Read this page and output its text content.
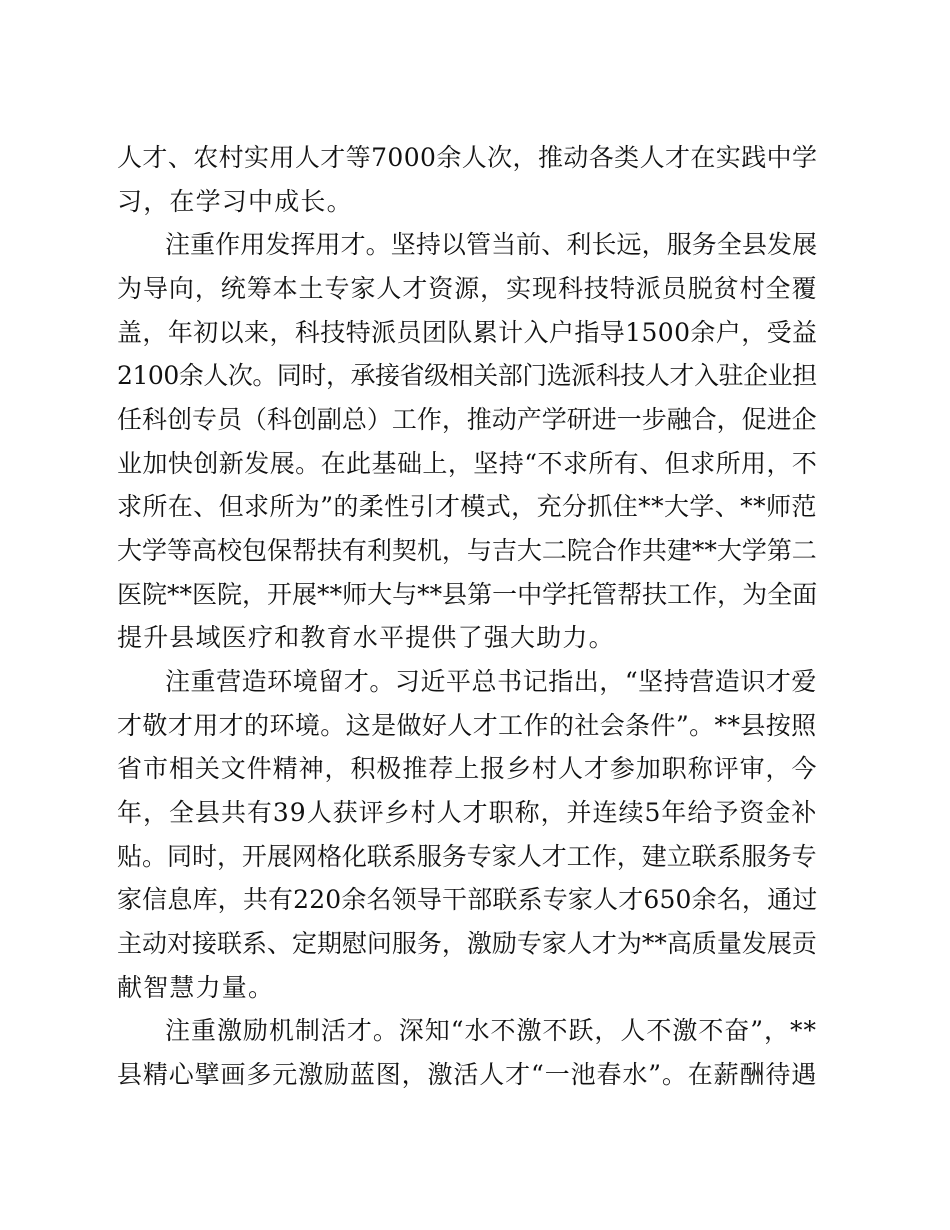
人才、农村实用人才等7000余人次，推动各类人才在实践中学
习，在学习中成长。
注重作用发挥用才。坚持以管当前、利长远，服务全县发展
为导向，统筹本土专家人才资源，实现科技特派员脱贫村全覆
盖，年初以来，科技特派员团队累计入户指导1500余户，受益
2100余人次。同时，承接省级相关部门选派科技人才入驻企业担
任科创专员（科创副总）工作，推动产学研进一步融合，促进企
业加快创新发展。在此基础上，坚持“不求所有、但求所用，不
求所在、但求所为”的柔性引才模式，充分抓住**大学、**师范
大学等高校包保帮扶有利契机，与吉大二院合作共建**大学第二
医院**医院，开展**师大与**县第一中学托管帮扶工作，为全面
提升县域医疗和教育水平提供了强大助力。
注重营造环境留才。习近平总书记指出，“坚持营造识才爱
才敬才用才的环境。这是做好人才工作的社会条件”。**县按照
省市相关文件精神，积极推荐上报乡村人才参加职称评审，今
年，全县共有39人获评乡村人才职称，并连续5年给予资金补
贴。同时，开展网格化联系服务专家人才工作，建立联系服务专
家信息库，共有220余名领导干部联系专家人才650余名，通过
主动对接联系、定期慰问服务，激励专家人才为**高质量发展贡
献智慧力量。
注重激励机制活才。深知“水不激不跃，人不激不奋”，**
县精心擘画多元激励蓝图，激活人才“一池春水”。在薪酬待遇
